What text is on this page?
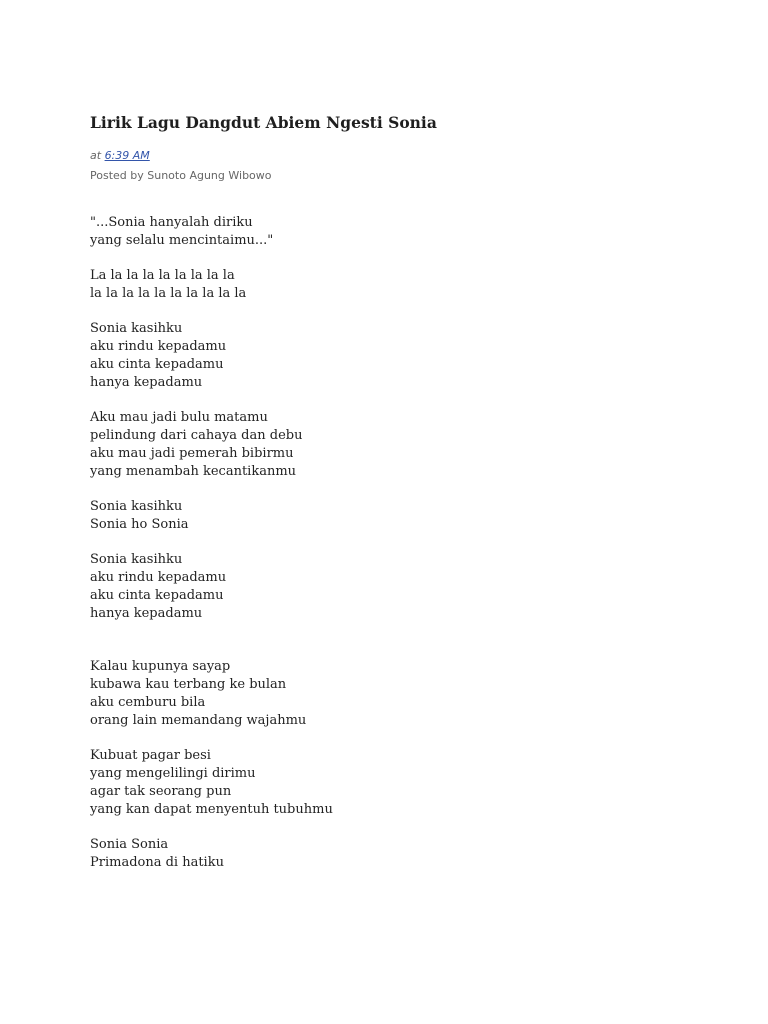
Lirik Lagu Dangdut Abiem Ngesti Sonia
at 6:39 AM
Posted by Sunoto Agung Wibowo
"...Sonia hanyalah diriku
yang selalu mencintaimu..."
La la la la la la la la la
la la la la la la la la la la
Sonia kasihku
aku rindu kepadamu
aku cinta kepadamu
hanya kepadamu
Aku mau jadi bulu matamu
pelindung dari cahaya dan debu
aku mau jadi pemerah bibirmu
yang menambah kecantikanmu
Sonia kasihku
Sonia ho Sonia
Sonia kasihku
aku rindu kepadamu
aku cinta kepadamu
hanya kepadamu
Kalau kupunya sayap
kubawa kau terbang ke bulan
aku cemburu bila
orang lain memandang wajahmu
Kubuat pagar besi
yang mengelilingi dirimu
agar tak seorang pun
yang kan dapat menyentuh tubuhmu
Sonia Sonia
Primadona di hatiku
